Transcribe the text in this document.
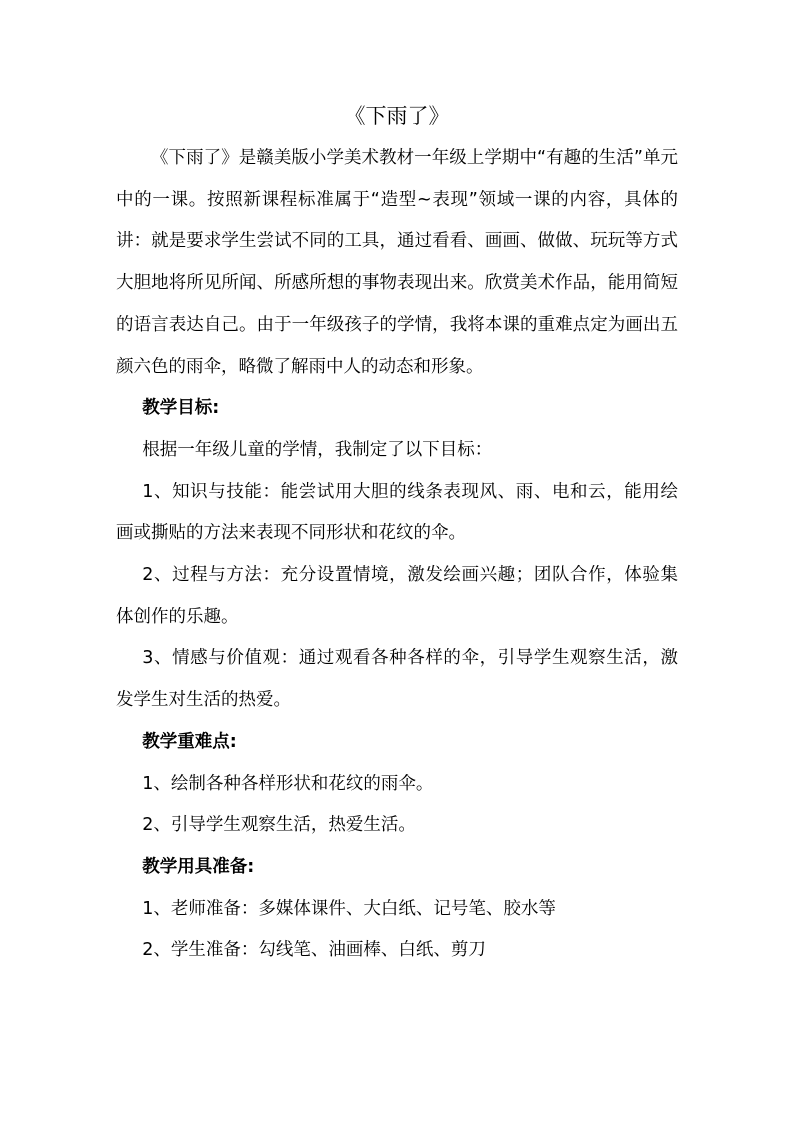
《下雨了》

《下雨了》是赣美版小学美术教材一年级上学期中“有趣的生活”单元中的一课。按照新课程标准属于“造型~表现”领域一课的内容，具体的讲：就是要求学生尝试不同的工具，通过看看、画画、做做、玩玩等方式大胆地将所见所闻、所感所想的事物表现出来。欣赏美术作品，能用简短的语言表达自己。由于一年级孩子的学情，我将本课的重难点定为画出五颜六色的雨伞，略微了解雨中人的动态和形象。

教学目标:

根据一年级儿童的学情，我制定了以下目标：

1、知识与技能：能尝试用大胆的线条表现风、雨、电和云，能用绘画或撕贴的方法来表现不同形状和花纹的伞。

2、过程与方法：充分设置情境，激发绘画兴趣；团队合作，体验集体创作的乐趣。

3、情感与价值观：通过观看各种各样的伞，引导学生观察生活，激发学生对生活的热爱。

教学重难点:

1、绘制各种各样形状和花纹的雨伞。

2、引导学生观察生活，热爱生活。

教学用具准备:

1、老师准备：多媒体课件、大白纸、记号笔、胶水等

2、学生准备：勾线笔、油画棒、白纸、剪刀
